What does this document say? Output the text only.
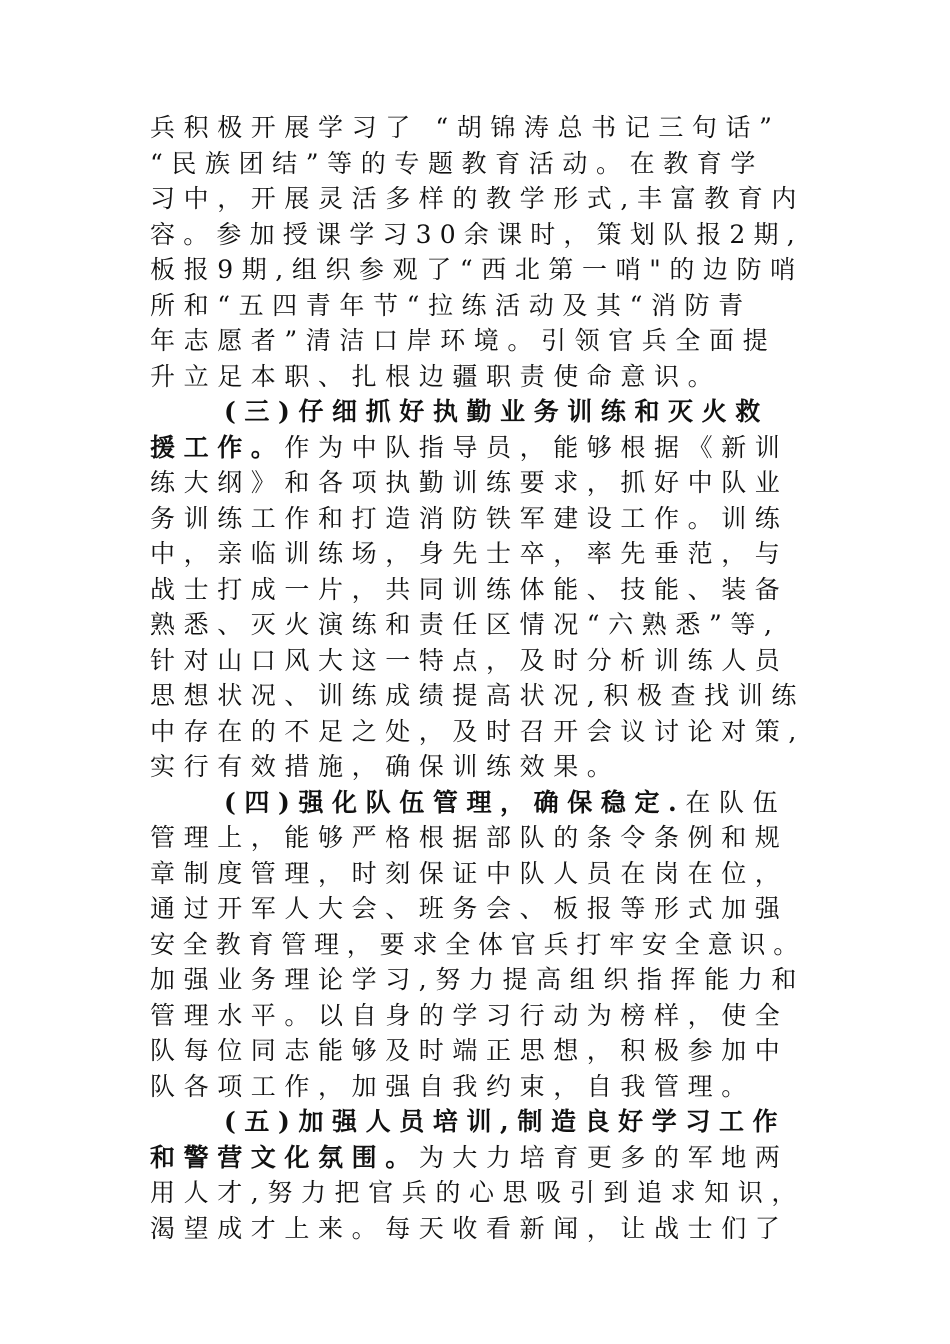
兵积极开展学习了 “胡锦涛总书记三句话”
“民族团结”等的专题教育活动。在教育学
习中，开展灵活多样的教学形式,丰富教育内
容。参加授课学习30余课时，策划队报2期,
板报9期,组织参观了“西北第一哨"的边防哨
所和“五四青年节“拉练活动及其“消防青
年志愿者”清洁口岸环境。引领官兵全面提
升立足本职、扎根边疆职责使命意识。
(三)仔细抓好执勤业务训练和灭火救
援工作。作为中队指导员，能够根据《新训
练大纲》和各项执勤训练要求，抓好中队业
务训练工作和打造消防铁军建设工作。训练
中，亲临训练场，身先士卒，率先垂范，与
战士打成一片，共同训练体能、技能、装备
熟悉、灭火演练和责任区情况“六熟悉”等,
针对山口风大这一特点，及时分析训练人员
思想状况、训练成绩提高状况,积极查找训练
中存在的不足之处，及时召开会议讨论对策,
实行有效措施，确保训练效果。
(四)强化队伍管理，确保稳定.在队伍
管理上，能够严格根据部队的条令条例和规
章制度管理，时刻保证中队人员在岗在位，
通过开军人大会、班务会、板报等形式加强
安全教育管理，要求全体官兵打牢安全意识。
加强业务理论学习,努力提高组织指挥能力和
管理水平。以自身的学习行动为榜样，使全
队每位同志能够及时端正思想，积极参加中
队各项工作，加强自我约束，自我管理。
(五)加强人员培训,制造良好学习工作
和警营文化氛围。为大力培育更多的军地两
用人才,努力把官兵的心思吸引到追求知识，
渴望成才上来。每天收看新闻，让战士们了
